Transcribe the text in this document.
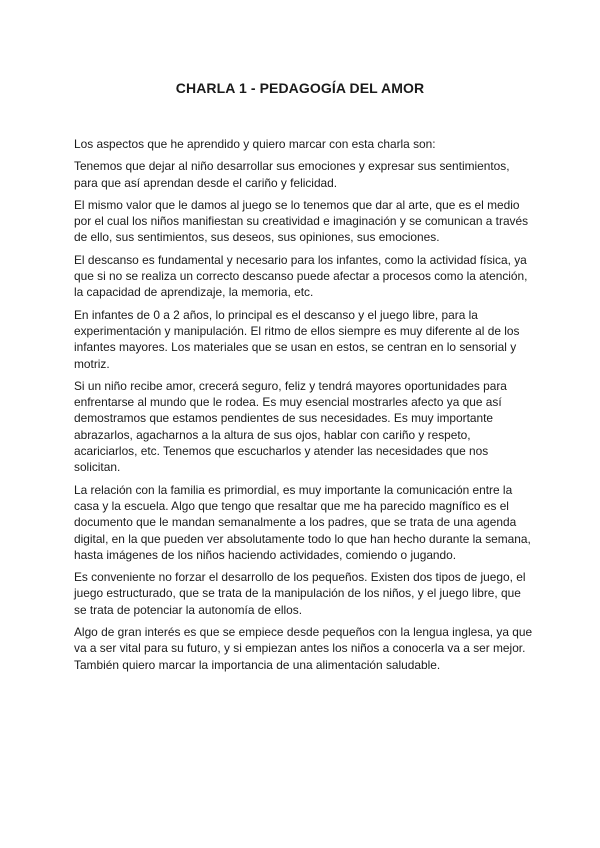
CHARLA 1 - PEDAGOGÍA DEL AMOR

Los aspectos que he aprendido y quiero marcar con esta charla son:

Tenemos que dejar al niño desarrollar sus emociones y expresar sus sentimientos, para que así aprendan desde el cariño y felicidad.

El mismo valor que le damos al juego se lo tenemos que dar al arte, que es el medio por el cual los niños manifiestan su creatividad e imaginación y se comunican a través de ello, sus sentimientos, sus deseos, sus opiniones, sus emociones.

El descanso es fundamental y necesario para los infantes, como la actividad física, ya que si no se realiza un correcto descanso puede afectar a procesos como la atención, la capacidad de aprendizaje, la memoria, etc.

En infantes de 0 a 2 años, lo principal es el descanso y el juego libre, para la experimentación y manipulación. El ritmo de ellos siempre es muy diferente al de los infantes mayores. Los materiales que se usan en estos, se centran en lo sensorial y motriz.

Si un niño recibe amor, crecerá seguro, feliz y tendrá mayores oportunidades para enfrentarse al mundo que le rodea. Es muy esencial mostrarles afecto ya que así demostramos que estamos pendientes de sus necesidades. Es muy importante abrazarlos, agacharnos a la altura de sus ojos, hablar con cariño y respeto, acariciarlos, etc. Tenemos que escucharlos y atender las necesidades que nos solicitan.

La relación con la familia es primordial, es muy importante la comunicación entre la casa y la escuela. Algo que tengo que resaltar que me ha parecido magnífico es el documento que le mandan semanalmente a los padres, que se trata de una agenda digital, en la que pueden ver absolutamente todo lo que han hecho durante la semana, hasta imágenes de los niños haciendo actividades, comiendo o jugando.

Es conveniente no forzar el desarrollo de los pequeños. Existen dos tipos de juego, el juego estructurado, que se trata de la manipulación de los niños, y el juego libre, que se trata de potenciar la autonomía de ellos.

Algo de gran interés es que se empiece desde pequeños con la lengua inglesa, ya que va a ser vital para su futuro, y si empiezan antes los niños a conocerla va a ser mejor. También quiero marcar la importancia de una alimentación saludable.
